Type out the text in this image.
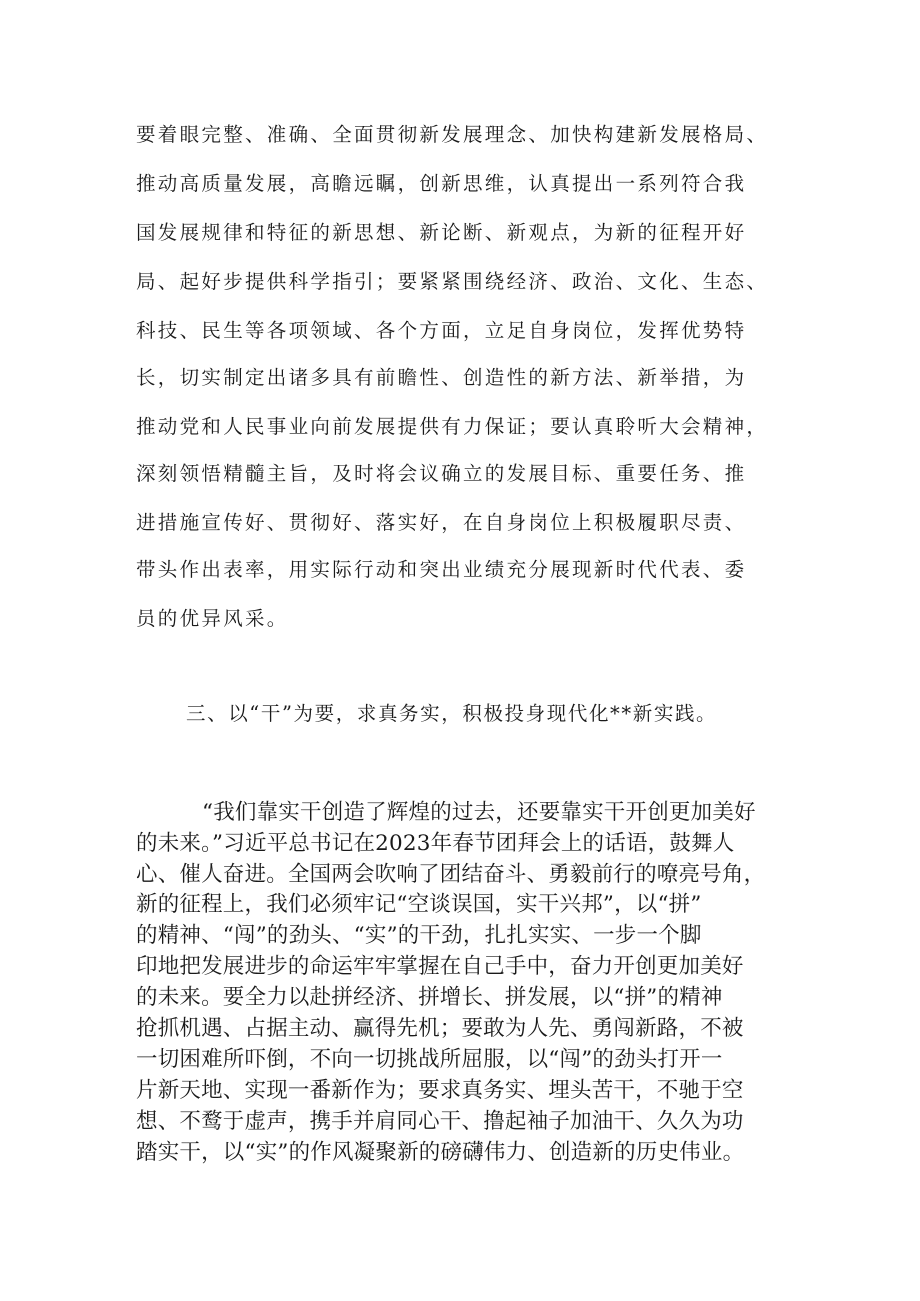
要着眼完整、准确、全面贯彻新发展理念、加快构建新发展格局、

推动高质量发展，高瞻远瞩，创新思维，认真提出一系列符合我

国发展规律和特征的新思想、新论断、新观点，为新的征程开好

局、起好步提供科学指引；要紧紧围绕经济、政治、文化、生态、

科技、民生等各项领域、各个方面，立足自身岗位，发挥优势特

长，切实制定出诸多具有前瞻性、创造性的新方法、新举措，为

推动党和人民事业向前发展提供有力保证；要认真聆听大会精神，

深刻领悟精髓主旨，及时将会议确立的发展目标、重要任务、推

进措施宣传好、贯彻好、落实好，在自身岗位上积极履职尽责、

带头作出表率，用实际行动和突出业绩充分展现新时代代表、委

员的优异风采。

三、以“干”为要，求真务实，积极投身现代化**新实践。

“我们靠实干创造了辉煌的过去，还要靠实干开创更加美好

的未来。”习近平总书记在2023年春节团拜会上的话语，鼓舞人

心、催人奋进。全国两会吹响了团结奋斗、勇毅前行的嘹亮号角，

新的征程上，我们必须牢记“空谈误国，实干兴邦”，以“拼”

的精神、“闯”的劲头、“实”的干劲，扎扎实实、一步一个脚

印地把发展进步的命运牢牢掌握在自己手中，奋力开创更加美好

的未来。要全力以赴拼经济、拼增长、拼发展，以“拼”的精神

抢抓机遇、占据主动、赢得先机；要敢为人先、勇闯新路，不被

一切困难所吓倒，不向一切挑战所屈服，以“闯”的劲头打开一

片新天地、实现一番新作为；要求真务实、埋头苦干，不驰于空

想、不鹜于虚声，携手并肩同心干、撸起袖子加油干、久久为功

踏实干，以“实”的作风凝聚新的磅礴伟力、创造新的历史伟业。
